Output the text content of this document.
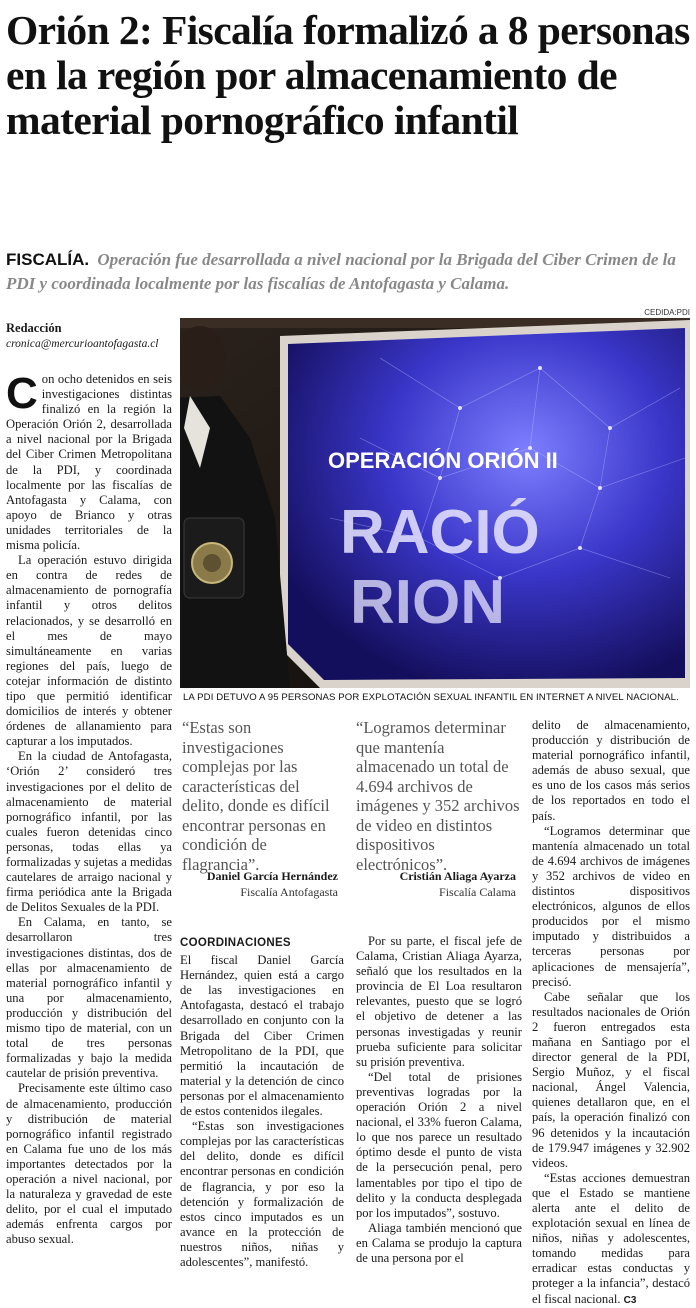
Orión 2: Fiscalía formalizó a 8 personas en la región por almacenamiento de material pornográfico infantil
FISCALÍA. Operación fue desarrollada a nivel nacional por la Brigada del Ciber Crimen de la PDI y coordinada localmente por las fiscalías de Antofagasta y Calama.
Redacción
cronica@mercurioantofagasta.cl

Con ocho detenidos en seis investigaciones distintas finalizó en la región la Operación Orión 2, desarrollada a nivel nacional por la Brigada del Ciber Crimen Metropolitana de la PDI, y coordinada localmente por las fiscalías de Antofagasta y Calama, con apoyo de Brianco y otras unidades territoriales de la misma policía.

La operación estuvo dirigida en contra de redes de almacenamiento de pornografía infantil y otros delitos relacionados, y se desarrolló en el mes de mayo simultáneamente en varias regiones del país, luego de cotejar información de distinto tipo que permitió identificar domicilios de interés y obtener órdenes de allanamiento para capturar a los imputados.

En la ciudad de Antofagasta, ‘Orión 2’ consideró tres investigaciones por el delito de almacenamiento de material pornográfico infantil, por las cuales fueron detenidas cinco personas, todas ellas ya formalizadas y sujetas a medidas cautelares de arraigo nacional y firma periódica ante la Brigada de Delitos Sexuales de la PDI.

En Calama, en tanto, se desarrollaron tres investigaciones distintas, dos de ellas por almacenamiento de material pornográfico infantil y una por almacenamiento, producción y distribución del mismo tipo de material, con un total de tres personas formalizadas y bajo la medida cautelar de prisión preventiva.

Precisamente este último caso de almacenamiento, producción y distribución de material pornográfico infantil registrado en Calama fue uno de los más importantes detectados por la operación a nivel nacional, por la naturaleza y gravedad de este delito, por el cual el imputado además enfrenta cargos por abuso sexual.

CEDIDA:PDI
OPERACIÓN ORIÓN II
RACIÓ
RION
LA PDI DETUVO A 95 PERSONAS POR EXPLOTACIÓN SEXUAL INFANTIL EN INTERNET A NIVEL NACIONAL.
“Estas son investigaciones complejas por las características del delito, donde es difícil encontrar personas en condición de flagrancia”.
Daniel García Hernández
Fiscalía Antofagasta
“Logramos determinar que mantenía almacenado un total de 4.694 archivos de imágenes y 352 archivos de video en distintos dispositivos electrónicos”.
Cristián Aliaga Ayarza
Fiscalía Calama
COORDINACIONES

El fiscal Daniel García Hernández, quien está a cargo de las investigaciones en Antofagasta, destacó el trabajo desarrollado en conjunto con la Brigada del Ciber Crimen Metropolitano de la PDI, que permitió la incautación de material y la detención de cinco personas por el almacenamiento de estos contenidos ilegales.

“Estas son investigaciones complejas por las características del delito, donde es difícil encontrar personas en condición de flagrancia, y por eso la detención y formalización de estos cinco imputados es un avance en la protección de nuestros niños, niñas y adolescentes”, manifestó.

Por su parte, el fiscal jefe de Calama, Cristian Aliaga Ayarza, señaló que los resultados en la provincia de El Loa resultaron relevantes, puesto que se logró el objetivo de detener a las personas investigadas y reunir prueba suficiente para solicitar su prisión preventiva.

“Del total de prisiones preventivas logradas por la operación Orión 2 a nivel nacional, el 33% fueron Calama, lo que nos parece un resultado óptimo desde el punto de vista de la persecución penal, pero lamentables por tipo el tipo de delito y la conducta desplegada por los imputados”, sostuvo.

Aliaga también mencionó que en Calama se produjo la captura de una persona por el

delito de almacenamiento, producción y distribución de material pornográfico infantil, además de abuso sexual, que es uno de los casos más serios de los reportados en todo el país.

“Logramos determinar que mantenía almacenado un total de 4.694 archivos de imágenes y 352 archivos de video en distintos dispositivos electrónicos, algunos de ellos producidos por el mismo imputado y distribuidos a terceras personas por aplicaciones de mensajería”, precisó.

Cabe señalar que los resultados nacionales de Orión 2 fueron entregados esta mañana en Santiago por el director general de la PDI, Sergio Muñoz, y el fiscal nacional, Ángel Valencia, quienes detallaron que, en el país, la operación finalizó con 96 detenidos y la incautación de 179.947 imágenes y 32.902 videos.

“Estas acciones demuestran que el Estado se mantiene alerta ante el delito de explotación sexual en línea de niños, niñas y adolescentes, tomando medidas para erradicar estas conductas y proteger a la infancia”, destacó el fiscal nacional. C3
